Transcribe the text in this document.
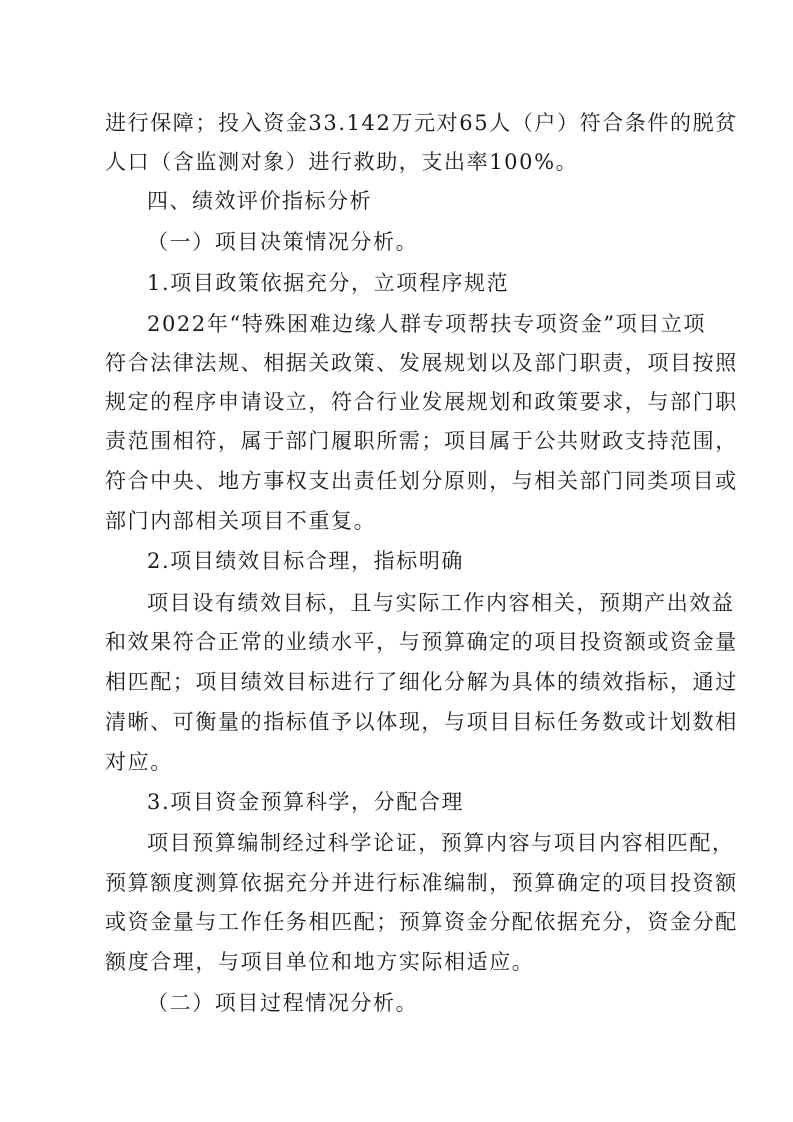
进行保障；投入资金33.142万元对65人（户）符合条件的脱贫
人口（含监测对象）进行救助，支出率100%。
四、绩效评价指标分析
（一）项目决策情况分析。
1.项目政策依据充分，立项程序规范
2022年“特殊困难边缘人群专项帮扶专项资金”项目立项
符合法律法规、相据关政策、发展规划以及部门职责，项目按照
规定的程序申请设立，符合行业发展规划和政策要求，与部门职
责范围相符，属于部门履职所需；项目属于公共财政支持范围，
符合中央、地方事权支出责任划分原则，与相关部门同类项目或
部门内部相关项目不重复。
2.项目绩效目标合理，指标明确
项目设有绩效目标，且与实际工作内容相关，预期产出效益
和效果符合正常的业绩水平，与预算确定的项目投资额或资金量
相匹配；项目绩效目标进行了细化分解为具体的绩效指标，通过
清晰、可衡量的指标值予以体现，与项目目标任务数或计划数相
对应。
3.项目资金预算科学，分配合理
项目预算编制经过科学论证，预算内容与项目内容相匹配，
预算额度测算依据充分并进行标准编制，预算确定的项目投资额
或资金量与工作任务相匹配；预算资金分配依据充分，资金分配
额度合理，与项目单位和地方实际相适应。
（二）项目过程情况分析。
